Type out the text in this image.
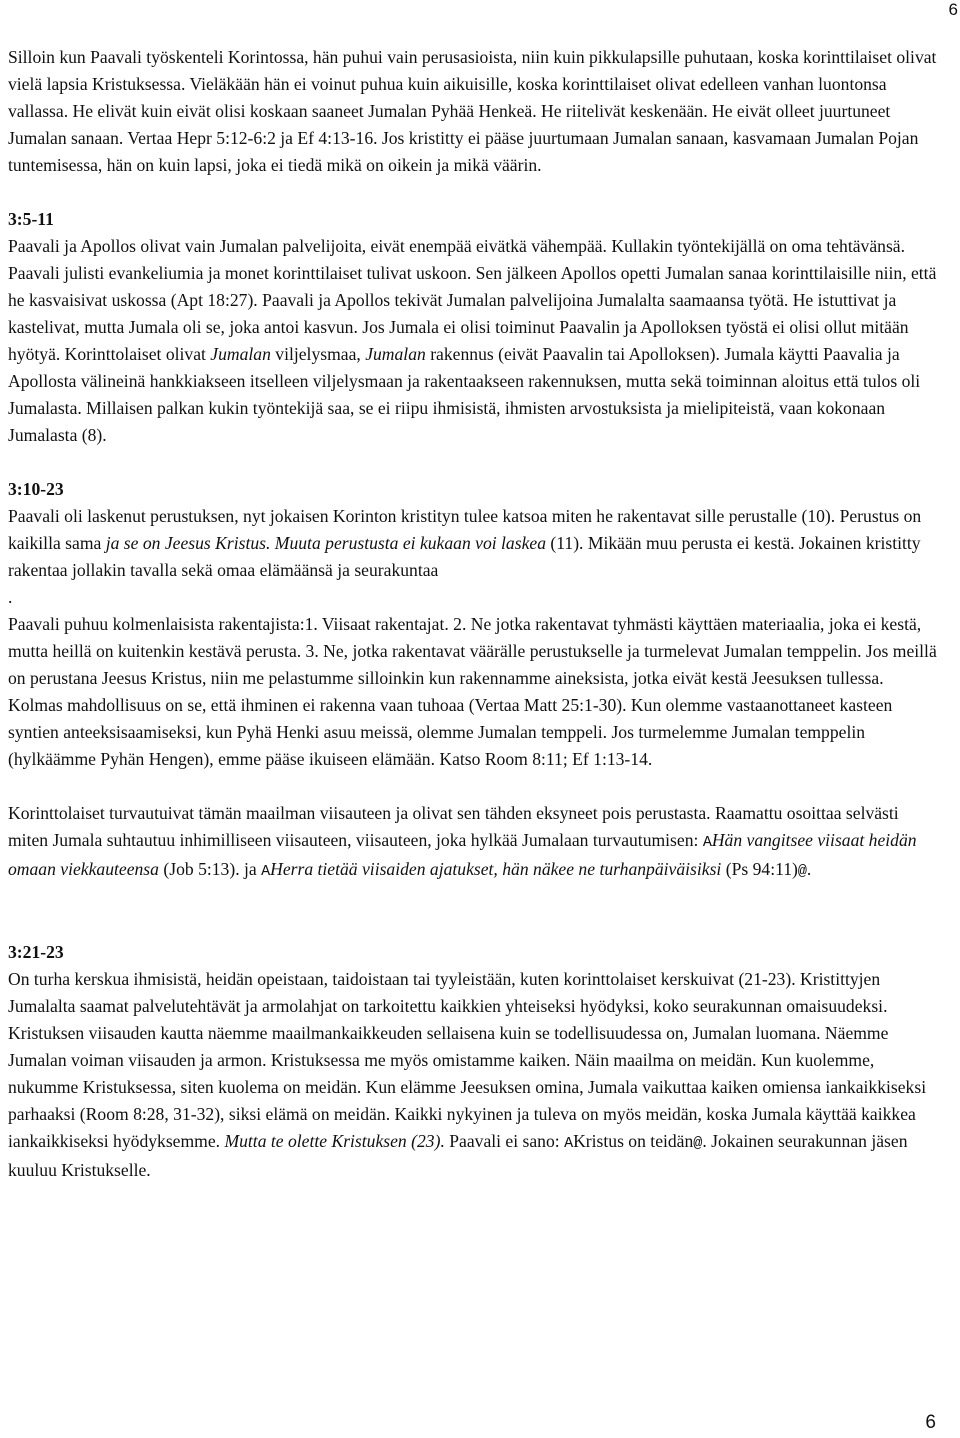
6

Silloin kun Paavali työskenteli Korintossa, hän puhui vain perusasioista, niin kuin pikkulapsille puhutaan, koska korinttilaiset olivat vielä lapsia Kristuksessa. Vieläkään hän ei voinut puhua kuin aikuisille, koska korinttilaiset olivat edelleen vanhan luontonsa vallassa. He elivät kuin eivät olisi koskaan saaneet Jumalan Pyhää Henkeä. He riitelivät keskenään. He eivät olleet juurtuneet Jumalan sanaan. Vertaa Hepr 5:12-6:2 ja Ef 4:13-16. Jos kristitty ei pääse juurtumaan Jumalan sanaan, kasvamaan Jumalan Pojan tuntemisessa, hän on kuin lapsi, joka ei tiedä mikä on oikein ja mikä väärin.

3:5-11

Paavali ja Apollos olivat vain Jumalan palvelijoita, eivät enempää eivätkä vähempää. Kullakin työntekijällä on oma tehtävänsä. Paavali julisti evankeliumia ja monet korinttilaiset tulivat uskoon. Sen jälkeen Apollos opetti Jumalan sanaa korinttilaisille niin, että he kasvaisivat uskossa (Apt 18:27). Paavali ja Apollos tekivät Jumalan palvelijoina Jumalalta saamaansa työtä. He istuttivat ja kastelivat, mutta Jumala oli se, joka antoi kasvun. Jos Jumala ei olisi toiminut Paavalin ja Apolloksen työstä ei olisi ollut mitään hyötyä. Korinttolaiset olivat Jumalan viljelysmaa, Jumalan rakennus (eivät Paavalin tai Apolloksen). Jumala käytti Paavalia ja Apollosta välineinä hankkiakseen itselleen viljelysmaan ja rakentaakseen rakennuksen, mutta sekä toiminnan aloitus että tulos oli Jumalasta. Millaisen palkan kukin työntekijä saa, se ei riipu ihmisistä, ihmisten arvostuksista ja mielipiteistä, vaan kokonaan Jumalasta (8).

3:10-23

Paavali oli laskenut perustuksen, nyt jokaisen Korinton kristityn tulee katsoa miten he rakentavat sille perustalle (10). Perustus on kaikilla sama ja se on Jeesus Kristus. Muuta perustusta ei kukaan voi laskea (11). Mikään muu perusta ei kestä. Jokainen kristitty rakentaa jollakin tavalla sekä omaa elämäänsä ja seurakuntaa

.

Paavali puhuu kolmenlaisista rakentajista:1. Viisaat rakentajat. 2. Ne jotka rakentavat tyhmästi käyttäen materiaalia, joka ei kestä, mutta heillä on kuitenkin kestävä perusta. 3. Ne, jotka rakentavat väärälle perustukselle ja turmelevat Jumalan temppelin. Jos meillä on perustana Jeesus Kristus, niin me pelastumme silloinkin kun rakennamme aineksista, jotka eivät kestä Jeesuksen tullessa. Kolmas mahdollisuus on se, että ihminen ei rakenna vaan tuhoaa (Vertaa Matt 25:1-30). Kun olemme vastaanottaneet kasteen syntien anteeksisaamiseksi, kun Pyhä Henki asuu meissä, olemme Jumalan temppeli. Jos turmelemme Jumalan temppelin (hylkäämme Pyhän Hengen), emme pääse ikuiseen elämään. Katso Room 8:11; Ef 1:13-14.

Korinttolaiset turvautuivat tämän maailman viisauteen ja olivat sen tähden eksyneet pois perustasta. Raamattu osoittaa selvästi miten Jumala suhtautuu inhimilliseen viisauteen, viisauteen, joka hylkää Jumalaan turvautumisen: AHän vangitsee viisaat heidän omaan viekkauteensa (Job 5:13). ja AHerra tietää viisaiden ajatukset, hän näkee ne turhanpäiväisiksi (Ps 94:11)@.

3:21-23

On turha kerskua ihmisistä, heidän opeistaan, taidoistaan tai tyyleistään, kuten korinttolaiset kerskuivat (21-23). Kristittyjen Jumalalta saamat palvelutehtävät ja armolahjat on tarkoitettu kaikkien yhteiseksi hyödyksi, koko seurakunnan omaisuudeksi. Kristuksen viisauden kautta näemme maailmankaikkeuden sellaisena kuin se todellisuudessa on, Jumalan luomana. Näemme Jumalan voiman viisauden ja armon. Kristuksessa me myös omistamme kaiken. Näin maailma on meidän. Kun kuolemme, nukumme Kristuksessa, siten kuolema on meidän. Kun elämme Jeesuksen omina, Jumala vaikuttaa kaiken omiensa iankaikkiseksi parhaaksi (Room 8:28, 31-32), siksi elämä on meidän. Kaikki nykyinen ja tuleva on myös meidän, koska Jumala käyttää kaikkea iankaikkiseksi hyödyksemme. Mutta te olette Kristuksen (23). Paavali ei sano: AKristus on teidän@. Jokainen seurakunnan jäsen kuuluu Kristukselle.

6
